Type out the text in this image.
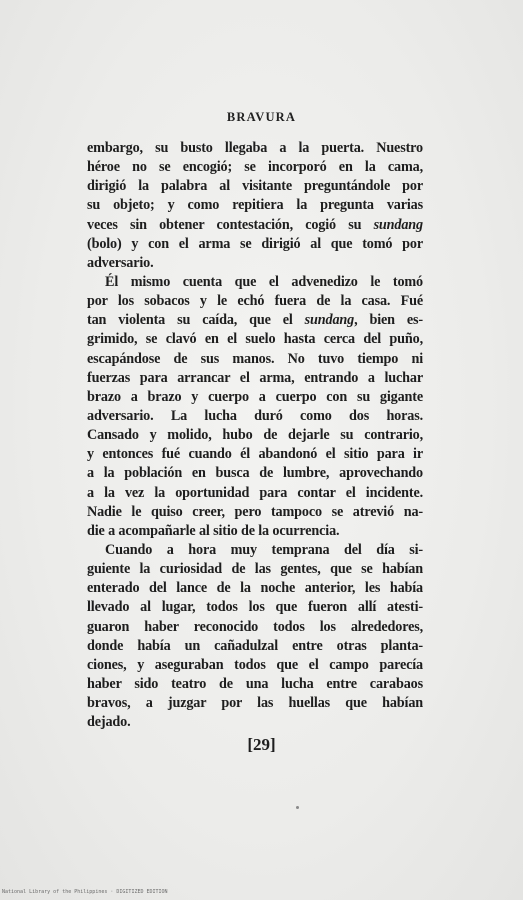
BRAVURA
embargo, su busto llegaba a la puerta. Nuestro
héroe no se encogió; se incorporó en la cama,
dirigió la palabra al visitante preguntándole por
su objeto; y como repitiera la pregunta varias
veces sin obtener contestación, cogió su sundang
(bolo) y con el arma se dirigió al que tomó por
adversario.
Él mismo cuenta que el advenedizo le tomó
por los sobacos y le echó fuera de la casa. Fué
tan violenta su caída, que el sundang, bien es-
grimido, se clavó en el suelo hasta cerca del puño,
escapándose de sus manos. No tuvo tiempo ni
fuerzas para arrancar el arma, entrando a luchar
brazo a brazo y cuerpo a cuerpo con su gigante
adversario. La lucha duró como dos horas.
Cansado y molido, hubo de dejarle su contrario,
y entonces fué cuando él abandonó el sitio para ir
a la población en busca de lumbre, aprovechando
a la vez la oportunidad para contar el incidente.
Nadie le quiso creer, pero tampoco se atrevió na-
die a acompañarle al sitio de la ocurrencia.
Cuando a hora muy temprana del día si-
guiente la curiosidad de las gentes, que se habían
enterado del lance de la noche anterior, les había
llevado al lugar, todos los que fueron allí atesti-
guaron haber reconocido todos los alrededores,
donde había un cañadulzal entre otras planta-
ciones, y aseguraban todos que el campo parecía
haber sido teatro de una lucha entre carabaos
bravos, a juzgar por las huellas que habían
dejado.
[29]
National Library of the Philippines · DIGITIZED EDITION
